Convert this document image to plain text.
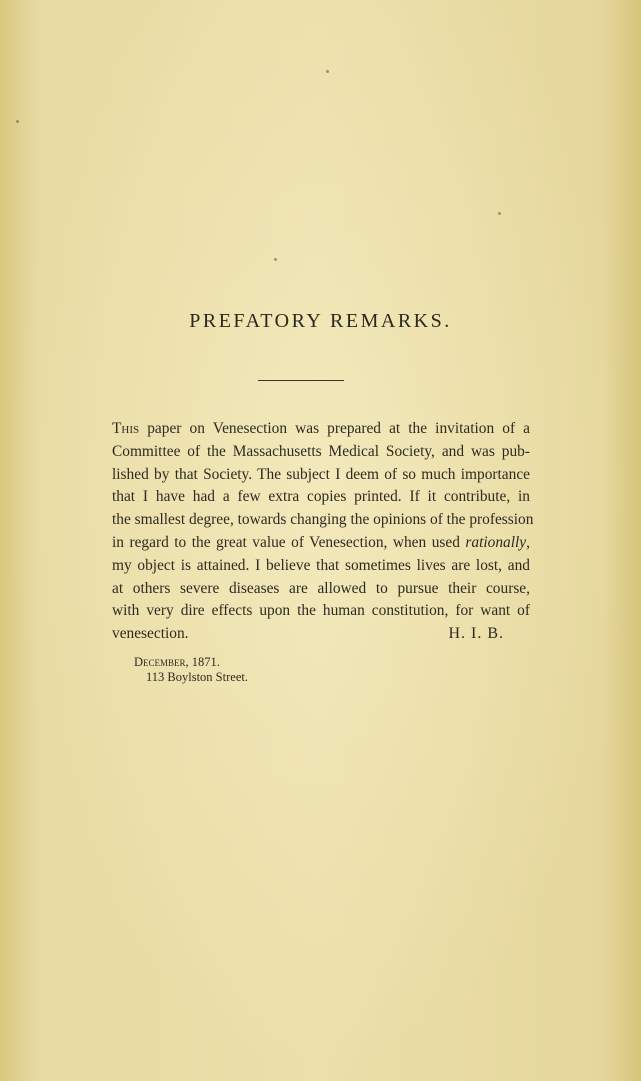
PREFATORY REMARKS.
This paper on Venesection was prepared at the invitation of a
Committee of the Massachusetts Medical Society, and was pub-
lished by that Society. The subject I deem of so much importance
that I have had a few extra copies printed. If it contribute, in
the smallest degree, towards changing the opinions of the profession
in regard to the great value of Venesection, when used rationally,
my object is attained. I believe that sometimes lives are lost, and
at others severe diseases are allowed to pursue their course,
with very dire effects upon the human constitution, for want of
venesection.	H. I. B.
December, 1871.
113 Boylston Street.
